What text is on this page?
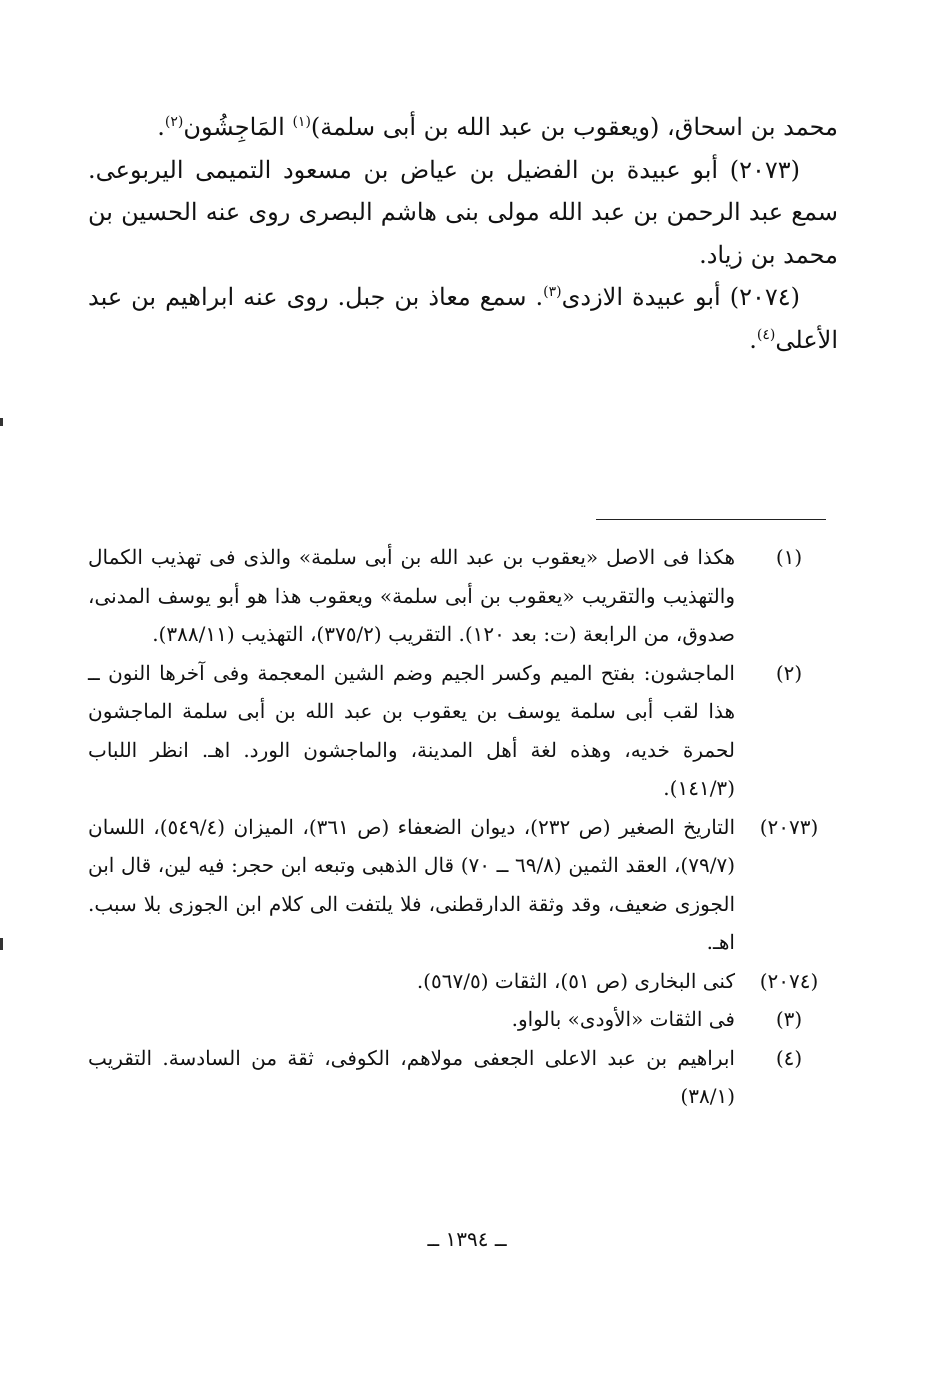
محمد بن اسحاق، (ويعقوب بن عبد الله بن أبى سلمة)$^{(١)}$ المَاجِشُون$^{(٢)}$.

(٢٠٧٣) أبو عبيدة بن الفضيل بن عياض بن مسعود التميمى اليربوعى. سمع عبد الرحمن بن عبد الله مولى بنى هاشم البصرى روى عنه الحسين بن محمد بن زياد.

(٢٠٧٤) أبو عبيدة الازدى$^{(٣)}$. سمع معاذ بن جبل. روى عنه ابراهيم بن عبد الأعلى$^{(٤)}$.

(١)
هكذا فى الاصل «يعقوب بن عبد الله بن أبى سلمة» والذى فى تهذيب الكمال والتهذيب والتقريب «يعقوب بن أبى سلمة» ويعقوب هذا هو أبو يوسف المدنى، صدوق، من الرابعة (ت: بعد ١٢٠). التقريب (٣٧٥/٢)، التهذيب (٣٨٨/١١).
(٢)
الماجشون: بفتح الميم وكسر الجيم وضم الشين المعجمة وفى آخرها النون ــ هذا لقب أبى سلمة يوسف بن يعقوب بن عبد الله بن أبى سلمة الماجشون لحمرة خديه، وهذه لغة أهل المدينة، والماجشون الورد. اهـ. انظر اللباب (١٤١/٣).
(٢٠٧٣)
التاريخ الصغير (ص ٢٣٢)، ديوان الضعفاء (ص ٣٦١)، الميزان (٥٤٩/٤)، اللسان (٧٩/٧)، العقد الثمين (٦٩/٨ ــ ٧٠) قال الذهبى وتبعه ابن حجر: فيه لين، قال ابن الجوزى ضعيف، وقد وثقة الدارقطنى، فلا يلتفت الى كلام ابن الجوزى بلا سبب. اهـ.
(٢٠٧٤)
كنى البخارى (ص ٥١)، الثقات (٥٦٧/٥).
(٣)
فى الثقات «الأودى» بالواو.
(٤)
ابراهيم بن عبد الاعلى الجعفى مولاهم، الكوفى، ثقة من السادسة. التقريب (٣٨/١)
ــ ١٣٩٤ ــ
